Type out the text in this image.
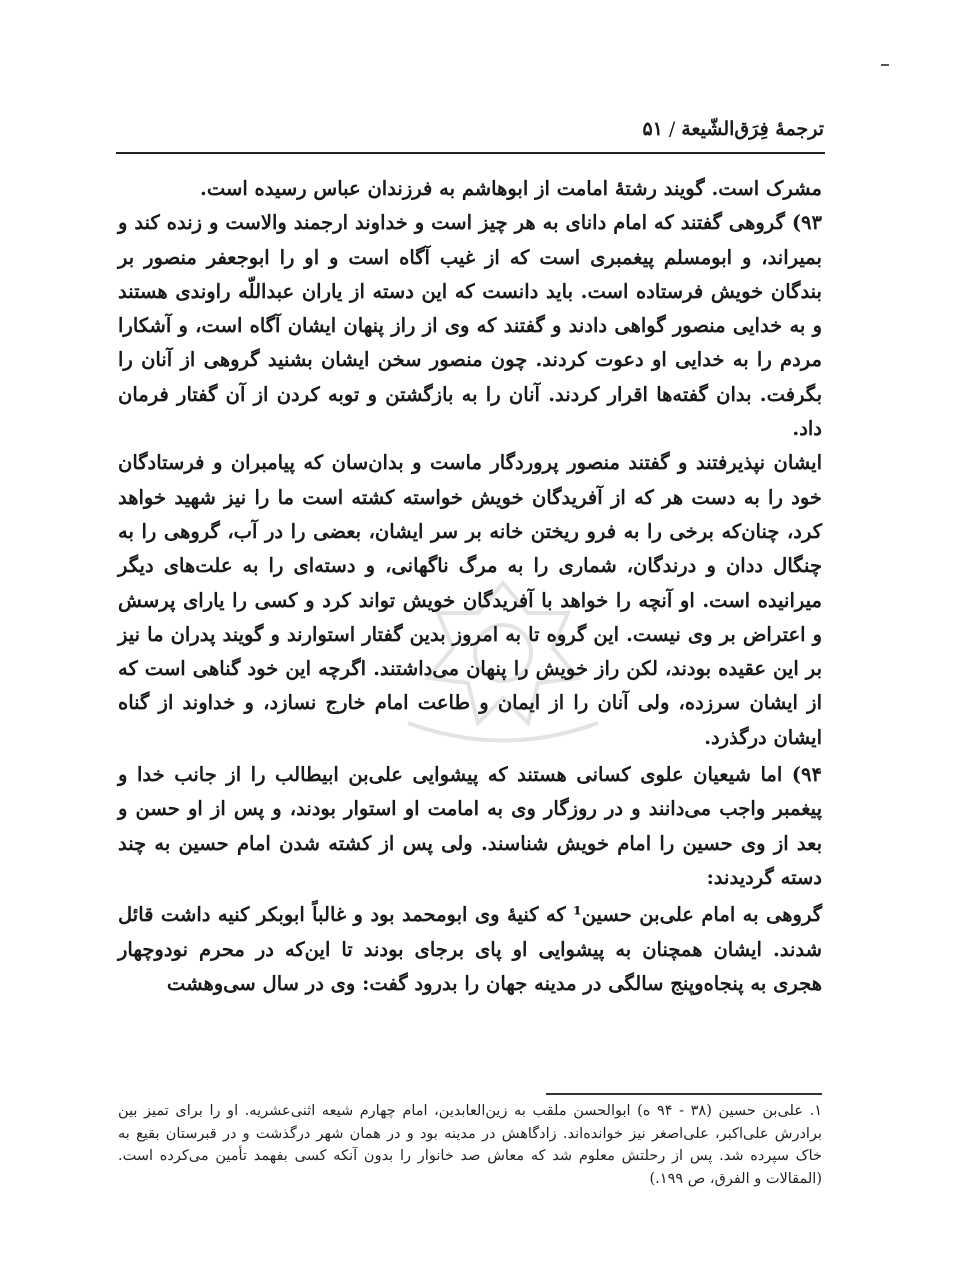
ترجمهٔ فِرَق‌الشّیعة/۵۱

مشرک است. گویند رشتهٔ امامت از ابوهاشم به فرزندان عباس رسیده است.

۹۳) گروهی گفتند که امام دانای به هر چیز است و خداوند ارجمند والاست و زنده کند و بمیراند، و ابومسلم پیغمبری است که از غیب آگاه است و او را ابوجعفر منصور بر بندگان خویش فرستاده است. باید دانست که این دسته از یاران عبداللّه راوندی هستند و به خدایی منصور گواهی دادند و گفتند که وی از راز پنهان ایشان آگاه است، و آشکارا مردم را به خدایی او دعوت کردند. چون منصور سخن ایشان بشنید گروهی از آنان را بگرفت. بدان گفته‌ها اقرار کردند. آنان را به بازگشتن و توبه کردن از آن گفتار فرمان داد.

ایشان نپذیرفتند و گفتند منصور پروردگار ماست و بدان‌سان که پیامبران و فرستادگان خود را به دست هر که از آفریدگان خویش خواسته کشته است ما را نیز شهید خواهد کرد، چنان‌که برخی را به فرو ریختن خانه بر سر ایشان، بعضی را در آب، گروهی را به چنگال ددان و درندگان، شماری را به مرگ ناگهانی، و دسته‌ای را به علت‌های دیگر میرانیده است. او آنچه را خواهد با آفریدگان خویش تواند کرد و کسی را یارای پرسش و اعتراض بر وی نیست. این گروه تا به امروز بدین گفتار استوارند و گویند پدران ما نیز بر این عقیده بودند، لکن راز خویش را پنهان می‌داشتند. اگرچه این خود گناهی است که از ایشان سرزده، ولی آنان را از ایمان و طاعت امام خارج نسازد، و خداوند از گناه ایشان درگذرد.

۹۴) اما شیعیان علوی کسانی هستند که پیشوایی علی‌بن ابیطالب را از جانب خدا و پیغمبر واجب می‌دانند و در روزگار وی به امامت او استوار بودند، و پس از او حسن و بعد از وی حسین را امام خویش شناسند. ولی پس از کشته شدن امام حسین به چند دسته گردیدند:

گروهی به امام علی‌بن حسین¹ که کنیهٔ وی ابومحمد بود و غالباً ابوبکر کنیه داشت قائل شدند. ایشان همچنان به پیشوایی او پای برجای بودند تا این‌که در محرم نودوچهار هجری به پنجاه‌وپنج سالگی در مدینه جهان را بدرود گفت: وی در سال سی‌وهشت

۱. علی‌بن حسین (۳۸ - ۹۴ ه) ابوالحسن ملقب به زین‌العابدین، امام چهارم شیعه اثنی‌عشریه. او را برای تمیز بین برادرش علی‌اکبر، علی‌اصغر نیز خوانده‌اند. زادگاهش در مدینه بود و در همان شهر درگذشت و در قبرستان بقیع به خاک سپرده شد. پس از رحلتش معلوم شد که معاش صد خانوار را بدون آنکه کسی بفهمد تأمین می‌کرده است. (المقالات و الفرق، ص ۱۹۹.)
